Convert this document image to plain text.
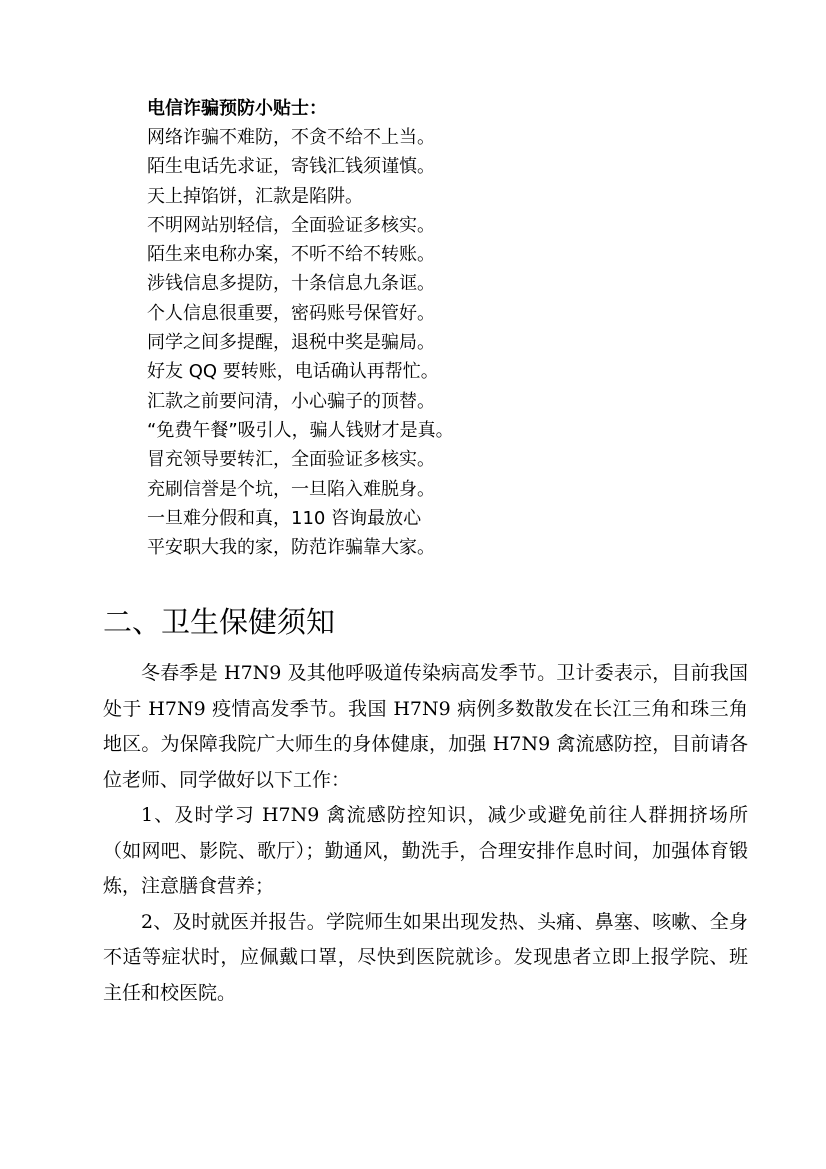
电信诈骗预防小贴士：
网络诈骗不难防，不贪不给不上当。
陌生电话先求证，寄钱汇钱须谨慎。
天上掉馅饼，汇款是陷阱。
不明网站别轻信，全面验证多核实。
陌生来电称办案，不听不给不转账。
涉钱信息多提防，十条信息九条诓。
个人信息很重要，密码账号保管好。
同学之间多提醒，退税中奖是骗局。
好友 QQ 要转账，电话确认再帮忙。
汇款之前要问清，小心骗子的顶替。
“免费午餐”吸引人，骗人钱财才是真。
冒充领导要转汇，全面验证多核实。
充刷信誉是个坑，一旦陷入难脱身。
一旦难分假和真，110 咨询最放心
平安职大我的家，防范诈骗靠大家。
二、卫生保健须知

冬春季是 H7N9 及其他呼吸道传染病高发季节。卫计委表示，目前我国处于 H7N9 疫情高发季节。我国 H7N9 病例多数散发在长江三角和珠三角地区。为保障我院广大师生的身体健康，加强 H7N9 禽流感防控，目前请各位老师、同学做好以下工作：

1、及时学习 H7N9 禽流感防控知识，减少或避免前往人群拥挤场所（如网吧、影院、歌厅）；勤通风，勤洗手，合理安排作息时间，加强体育锻炼，注意膳食营养；

2、及时就医并报告。学院师生如果出现发热、头痛、鼻塞、咳嗽、全身不适等症状时，应佩戴口罩，尽快到医院就诊。发现患者立即上报学院、班主任和校医院。
